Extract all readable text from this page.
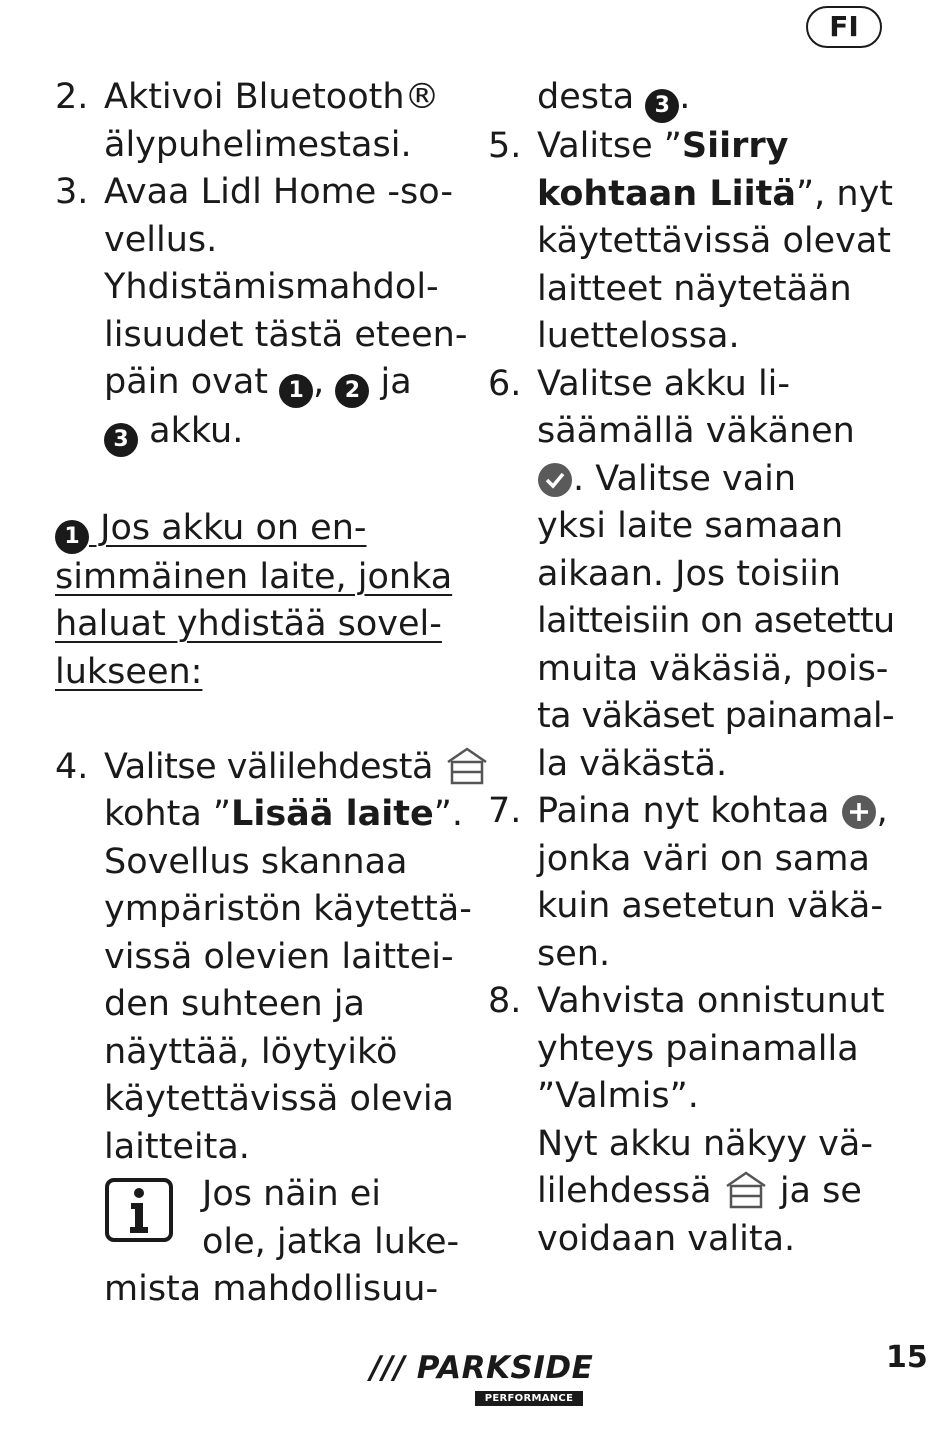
FI
2. Aktivoi Bluetooth®
älypuhelimestasi.
3. Avaa Lidl Home -so-
vellus.
Yhdistämismahdol-
lisuudet tästä eteen-
päin ovat 1 , 2 ja
3 akku.
1 Jos akku on en-
simmäinen laite, jonka
haluat yhdistää sovel-
lukseen:
4. Valitse välilehdestä
kohta ”Lisää laite”.
Sovellus skannaa
ympäristön käytettä-
vissä olevien laittei-
den suhteen ja
näyttää, löytyikö
käytettävissä olevia
laitteita.
Jos näin ei
ole, jatka luke-
mista mahdollisuu-
desta 3 .
5. Valitse ”Siirry
kohtaan Liitä”, nyt
käytettävissä olevat
laitteet näytetään
luettelossa.
6. Valitse akku li-
säämällä väkänen
. Valitse vain
yksi laite samaan
aikaan. Jos toisiin
laitteisiin on asetettu
muita väkäsiä, pois-
ta väkäset painamal-
la väkästä.
7. Paina nyt kohtaa ,
jonka väri on sama
kuin asetetun väkä-
sen.
8. Vahvista onnistunut
yhteys painamalla
”Valmis”.
Nyt akku näkyy vä-
lilehdessä  ja se
voidaan valita.
/// PARKSIDE
PERFORMANCE
15
